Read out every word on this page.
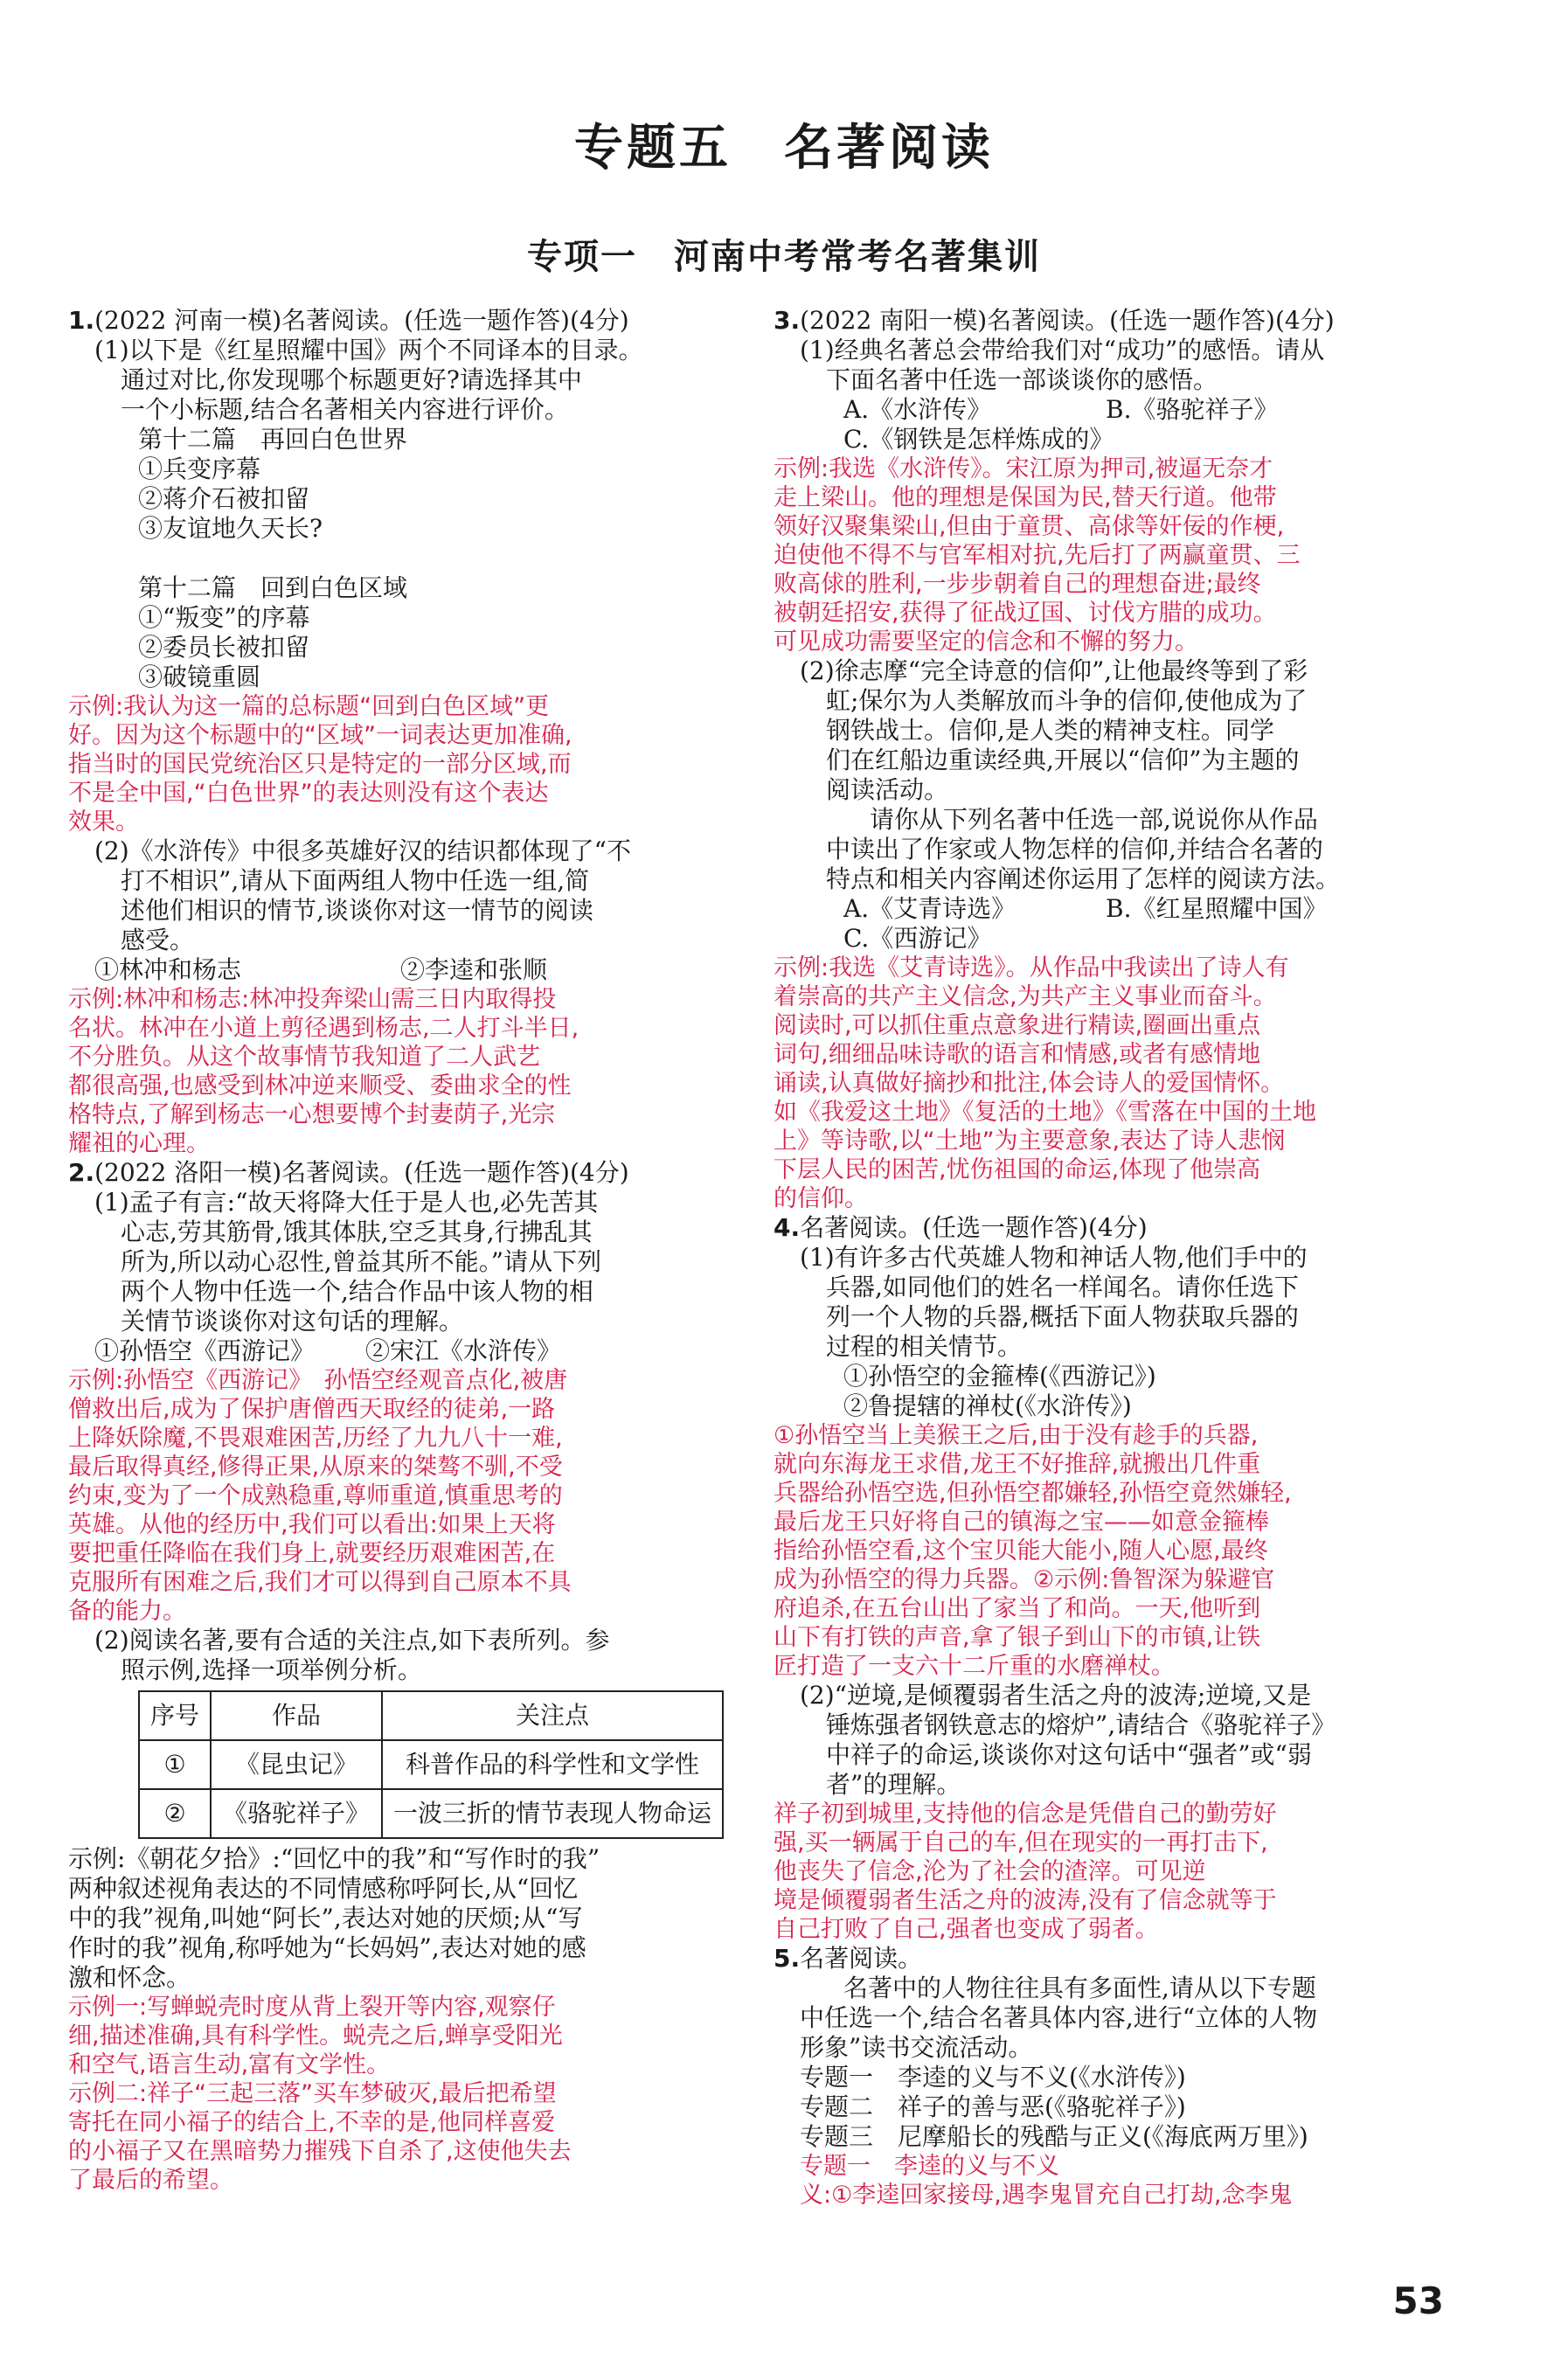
专题五　名著阅读
专项一　河南中考常考名著集训

1.(2022 河南一模)名著阅读。(任选一题作答)(4分)

(1)以下是《红星照耀中国》两个不同译本的目录。

通过对比,你发现哪个标题更好?请选择其中

一个小标题,结合名著相关内容进行评价。

第十二篇　再回白色世界

①兵变序幕

②蒋介石被扣留

③友谊地久天长?

第十二篇　回到白色区域

①“叛变”的序幕

②委员长被扣留

③破镜重圆

示例:我认为这一篇的总标题“回到白色区域”更

好。因为这个标题中的“区域”一词表达更加准确,

指当时的国民党统治区只是特定的一部分区域,而

不是全中国,“白色世界”的表达则没有这个表达

效果。

(2)《水浒传》中很多英雄好汉的结识都体现了“不

打不相识”,请从下面两组人物中任选一组,简

述他们相识的情节,谈谈你对这一情节的阅读

感受。

①林冲和杨志	②李逵和张顺

示例:林冲和杨志:林冲投奔梁山需三日内取得投

名状。林冲在小道上剪径遇到杨志,二人打斗半日,

不分胜负。从这个故事情节我知道了二人武艺

都很高强,也感受到林冲逆来顺受、委曲求全的性

格特点,了解到杨志一心想要博个封妻荫子,光宗

耀祖的心理。

2.(2022 洛阳一模)名著阅读。(任选一题作答)(4分)

(1)孟子有言:“故天将降大任于是人也,必先苦其

心志,劳其筋骨,饿其体肤,空乏其身,行拂乱其

所为,所以动心忍性,曾益其所不能。”请从下列

两个人物中任选一个,结合作品中该人物的相

关情节谈谈你对这句话的理解。

①孙悟空《西游记》 ②宋江《水浒传》

示例:孙悟空《西游记》　孙悟空经观音点化,被唐

僧救出后,成为了保护唐僧西天取经的徒弟,一路

上降妖除魔,不畏艰难困苦,历经了九九八十一难,

最后取得真经,修得正果,从原来的桀骜不驯,不受

约束,变为了一个成熟稳重,尊师重道,慎重思考的

英雄。从他的经历中,我们可以看出:如果上天将

要把重任降临在我们身上,就要经历艰难困苦,在

克服所有困难之后,我们才可以得到自己原本不具

备的能力。

(2)阅读名著,要有合适的关注点,如下表所列。参

照示例,选择一项举例分析。

序号	作品	关注点
①	《昆虫记》	科普作品的科学性和文学性
②	《骆驼祥子》	一波三折的情节表现人物命运

示例:《朝花夕拾》:“回忆中的我”和“写作时的我”

两种叙述视角表达的不同情感称呼阿长,从“回忆

中的我”视角,叫她“阿长”,表达对她的厌烦;从“写

作时的我”视角,称呼她为“长妈妈”,表达对她的感

激和怀念。

示例一:写蝉蜕壳时度从背上裂开等内容,观察仔

细,描述准确,具有科学性。蜕壳之后,蝉享受阳光

和空气,语言生动,富有文学性。

示例二:祥子“三起三落”买车梦破灭,最后把希望

寄托在同小福子的结合上,不幸的是,他同样喜爱

的小福子又在黑暗势力摧残下自杀了,这使他失去

了最后的希望。

3.(2022 南阳一模)名著阅读。(任选一题作答)(4分)

(1)经典名著总会带给我们对“成功”的感悟。请从

下面名著中任选一部谈谈你的感悟。

A.《水浒传》	B.《骆驼祥子》

C.《钢铁是怎样炼成的》

示例:我选《水浒传》。宋江原为押司,被逼无奈才

走上梁山。他的理想是保国为民,替天行道。他带

领好汉聚集梁山,但由于童贯、高俅等奸佞的作梗,

迫使他不得不与官军相对抗,先后打了两赢童贯、三

败高俅的胜利,一步步朝着自己的理想奋进;最终

被朝廷招安,获得了征战辽国、讨伐方腊的成功。

可见成功需要坚定的信念和不懈的努力。

(2)徐志摩“完全诗意的信仰”,让他最终等到了彩

虹;保尔为人类解放而斗争的信仰,使他成为了

钢铁战士。信仰,是人类的精神支柱。同学

们在红船边重读经典,开展以“信仰”为主题的

阅读活动。

请你从下列名著中任选一部,说说你从作品

中读出了作家或人物怎样的信仰,并结合名著的

特点和相关内容阐述你运用了怎样的阅读方法。

A.《艾青诗选》	B.《红星照耀中国》

C.《西游记》

示例:我选《艾青诗选》。从作品中我读出了诗人有

着崇高的共产主义信念,为共产主义事业而奋斗。

阅读时,可以抓住重点意象进行精读,圈画出重点

词句,细细品味诗歌的语言和情感,或者有感情地

诵读,认真做好摘抄和批注,体会诗人的爱国情怀。

如《我爱这土地》《复活的土地》《雪落在中国的土地

上》等诗歌,以“土地”为主要意象,表达了诗人悲悯

下层人民的困苦,忧伤祖国的命运,体现了他崇高

的信仰。

4.名著阅读。(任选一题作答)(4分)

(1)有许多古代英雄人物和神话人物,他们手中的

兵器,如同他们的姓名一样闻名。请你任选下

列一个人物的兵器,概括下面人物获取兵器的

过程的相关情节。

①孙悟空的金箍棒(《西游记》)

②鲁提辖的禅杖(《水浒传》)

①孙悟空当上美猴王之后,由于没有趁手的兵器,

就向东海龙王求借,龙王不好推辞,就搬出几件重

兵器给孙悟空选,但孙悟空都嫌轻,孙悟空竟然嫌轻,

最后龙王只好将自己的镇海之宝——如意金箍棒

指给孙悟空看,这个宝贝能大能小,随人心愿,最终

成为孙悟空的得力兵器。②示例:鲁智深为躲避官

府追杀,在五台山出了家当了和尚。一天,他听到

山下有打铁的声音,拿了银子到山下的市镇,让铁

匠打造了一支六十二斤重的水磨禅杖。

(2)“逆境,是倾覆弱者生活之舟的波涛;逆境,又是

锤炼强者钢铁意志的熔炉”,请结合《骆驼祥子》

中祥子的命运,谈谈你对这句话中“强者”或“弱

者”的理解。

祥子初到城里,支持他的信念是凭借自己的勤劳好

强,买一辆属于自己的车,但在现实的一再打击下,

他丧失了信念,沦为了社会的渣滓。可见逆

境是倾覆弱者生活之舟的波涛,没有了信念就等于

自己打败了自己,强者也变成了弱者。

5.名著阅读。

名著中的人物往往具有多面性,请从以下专题

中任选一个,结合名著具体内容,进行“立体的人物

形象”读书交流活动。

专题一　李逵的义与不义(《水浒传》)

专题二　祥子的善与恶(《骆驼祥子》)

专题三　尼摩船长的残酷与正义(《海底两万里》)

专题一　李逵的义与不义

义:①李逵回家接母,遇李鬼冒充自己打劫,念李鬼

53
